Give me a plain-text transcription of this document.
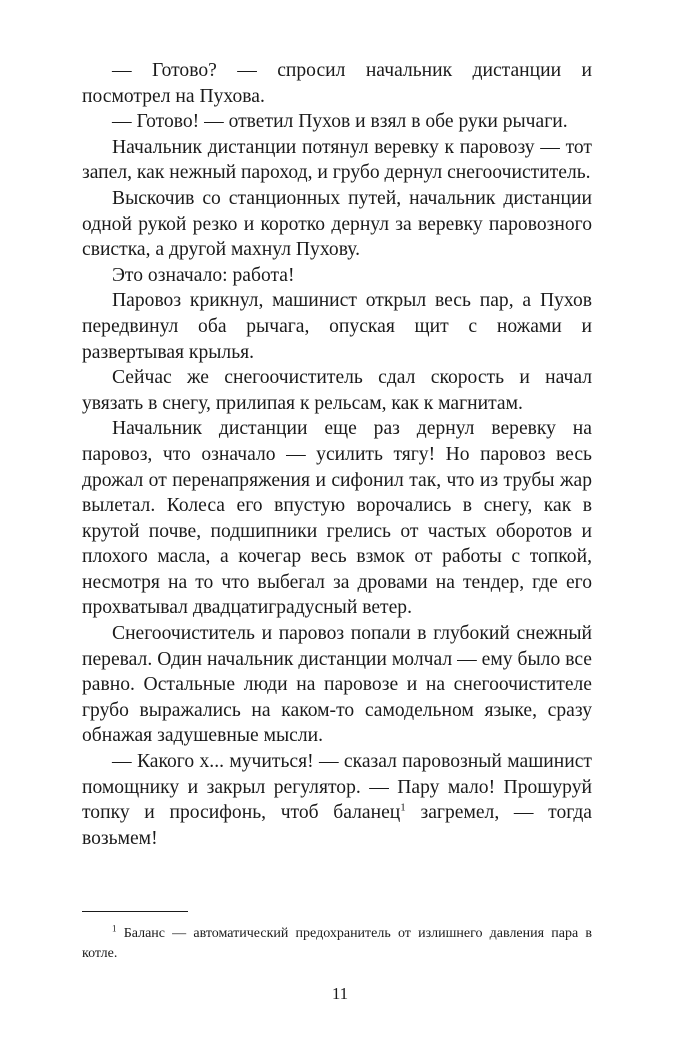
— Готово? — спросил начальник дистанции и посмотрел на Пухова.

— Готово! — ответил Пухов и взял в обе руки рычаги.

Начальник дистанции потянул веревку к паровозу — тот запел, как нежный пароход, и грубо дернул снегоочиститель.

Выскочив со станционных путей, начальник дистанции одной рукой резко и коротко дернул за веревку паровозного свистка, а другой махнул Пухову.

Это означало: работа!

Паровоз крикнул, машинист открыл весь пар, а Пухов передвинул оба рычага, опуская щит с ножами и развертывая крылья.

Сейчас же снегоочиститель сдал скорость и начал увязать в снегу, прилипая к рельсам, как к магнитам.

Начальник дистанции еще раз дернул веревку на паровоз, что означало — усилить тягу! Но паровоз весь дрожал от перенапряжения и сифонил так, что из трубы жар вылетал. Колеса его впустую ворочались в снегу, как в крутой почве, подшипники грелись от частых оборотов и плохого масла, а кочегар весь взмок от работы с топкой, несмотря на то что выбегал за дровами на тендер, где его прохватывал двадцатиградусный ветер.

Снегоочиститель и паровоз попали в глубокий снежный перевал. Один начальник дистанции молчал — ему было все равно. Остальные люди на паровозе и на снегоочистителе грубо выражались на каком-то самодельном языке, сразу обнажая задушевные мысли.

— Какого х... мучиться! — сказал паровозный машинист помощнику и закрыл регулятор. — Пару мало! Прошуруй топку и просифонь, чтоб баланец$^1$ загремел, — тогда возьмем!

$^1$ Баланс — автоматический предохранитель от излишнего давления пара в котле.

11
